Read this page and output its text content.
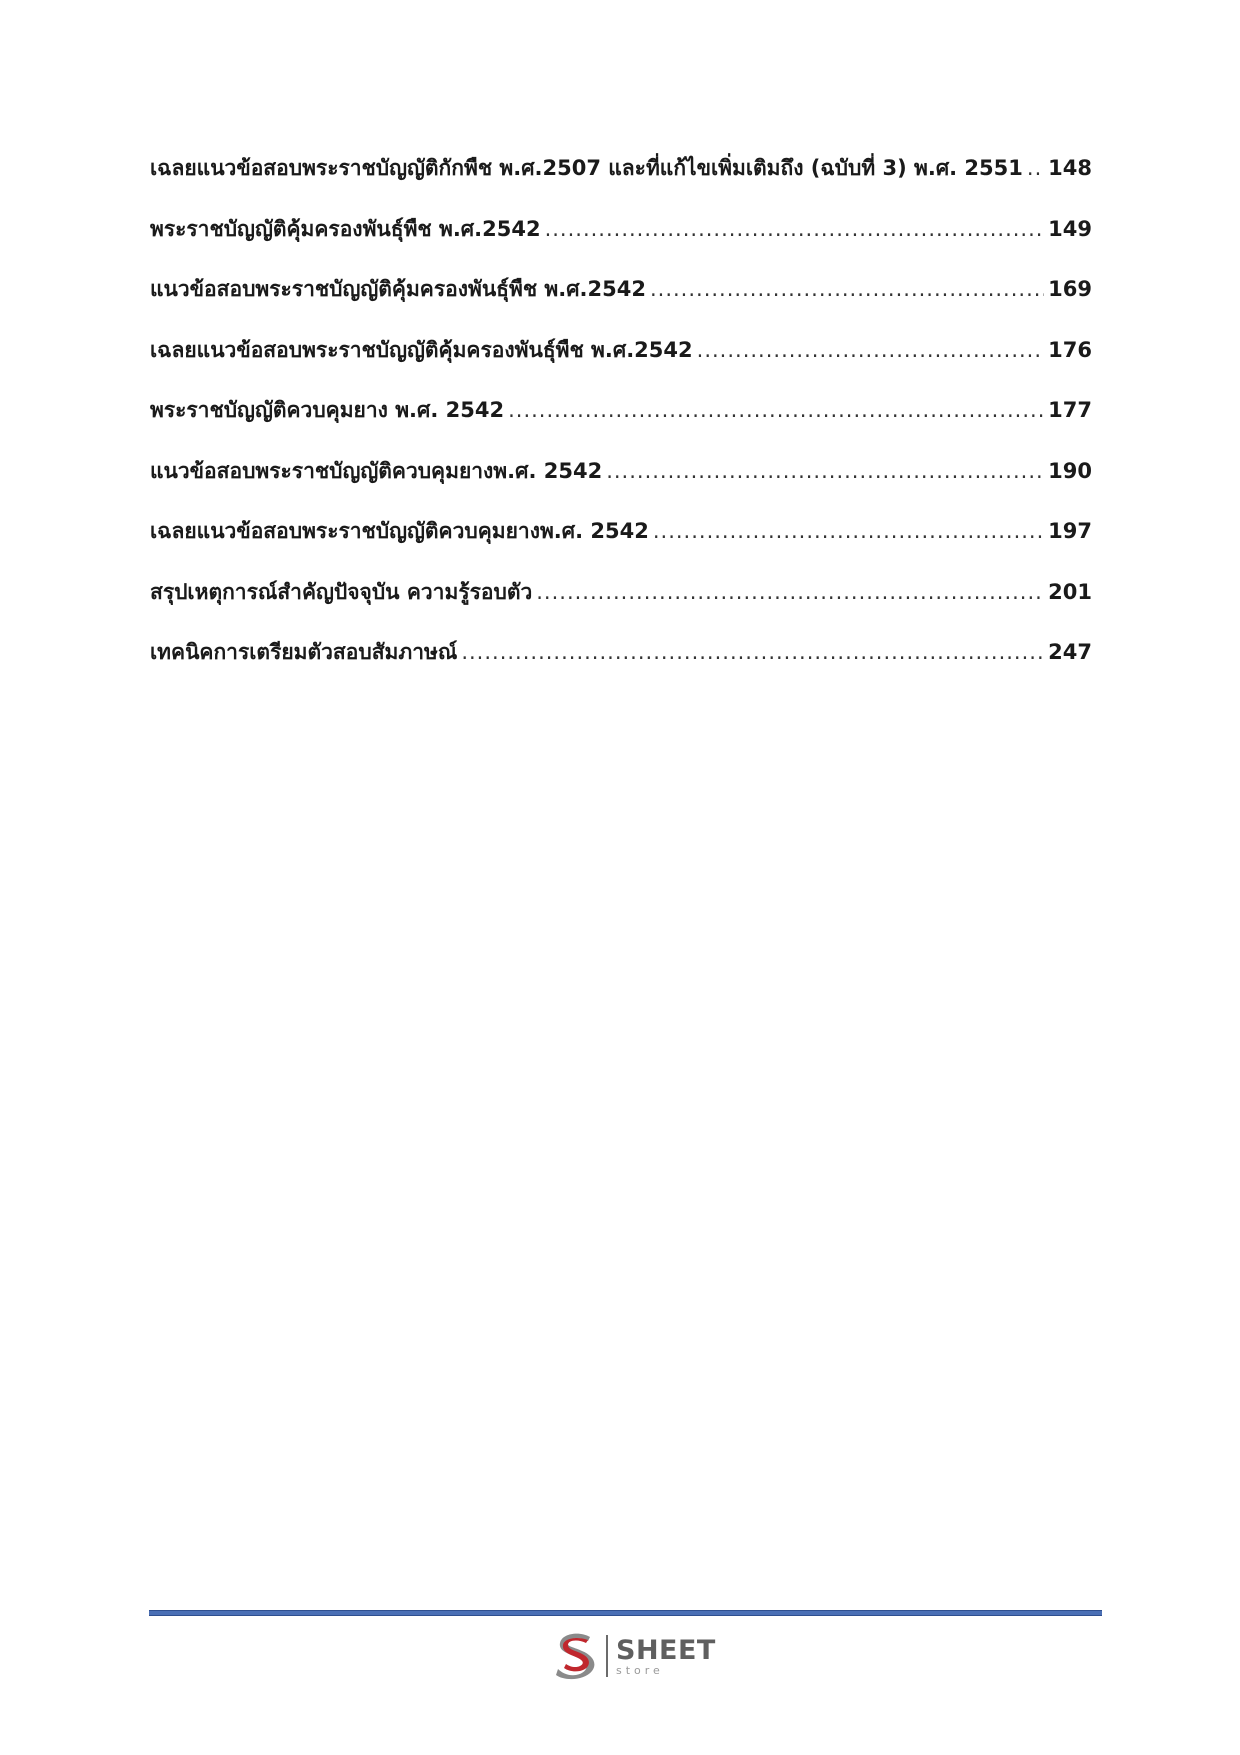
เฉลยแนวข้อสอบพระราชบัญญัติกักพืช พ.ศ.2507 และที่แก้ไขเพิ่มเติมถึง (ฉบับที่ 3) พ.ศ. 2551 ..... 148
พระราชบัญญัติคุ้มครองพันธุ์พืช พ.ศ.2542 .....	149
แนวข้อสอบพระราชบัญญัติคุ้มครองพันธุ์พืช พ.ศ.2542 .....	169
เฉลยแนวข้อสอบพระราชบัญญัติคุ้มครองพันธุ์พืช พ.ศ.2542 .....	176
พระราชบัญญัติควบคุมยาง พ.ศ. 2542 .....	177
แนวข้อสอบพระราชบัญญัติควบคุมยางพ.ศ. 2542 .....	190
เฉลยแนวข้อสอบพระราชบัญญัติควบคุมยางพ.ศ. 2542 .....	197
สรุปเหตุการณ์สำคัญปัจจุบัน ความรู้รอบตัว .....	201
เทคนิคการเตรียมตัวสอบสัมภาษณ์ .....	247
SHEET
store
